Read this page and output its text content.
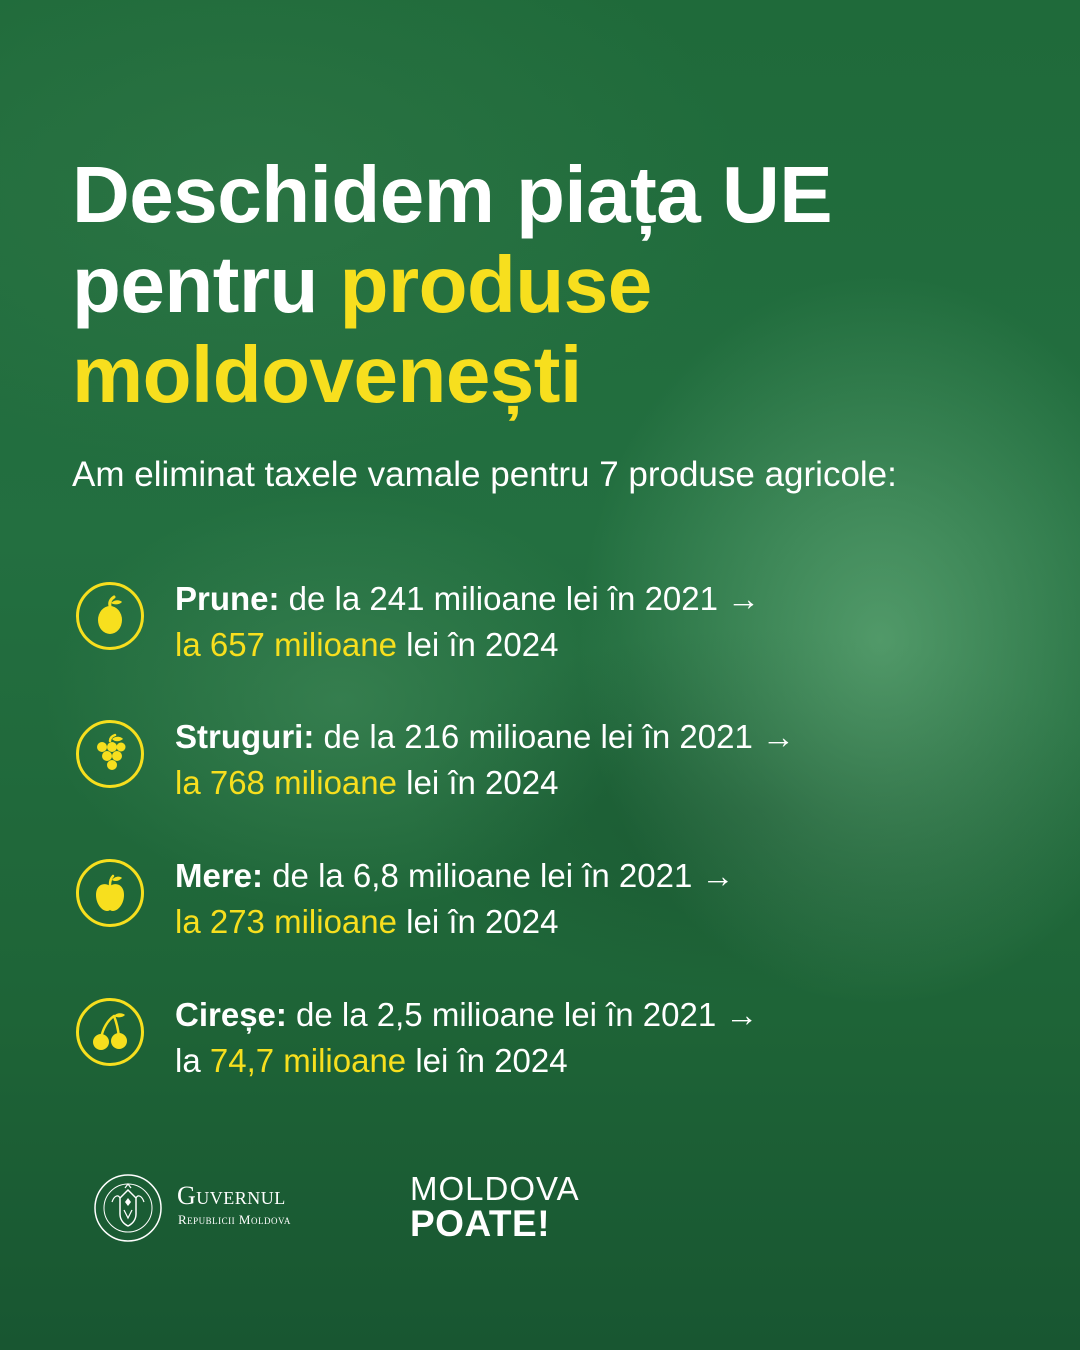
Deschidem piața UE
pentru produse
moldovenești

Am eliminat taxele vamale pentru 7 produse agricole:

Prune: de la 241 milioane lei în 2021 →
la 657 milioane lei în 2024
Struguri: de la 216 milioane lei în 2021 →
la 768 milioane lei în 2024
Mere: de la 6,8 milioane lei în 2021 →
la 273 milioane lei în 2024
Cireșe: de la 2,5 milioane lei în 2021 →
la 74,7 milioane lei în 2024
Guvernul
Republicii Moldova
MOLDOVA
POATE!
